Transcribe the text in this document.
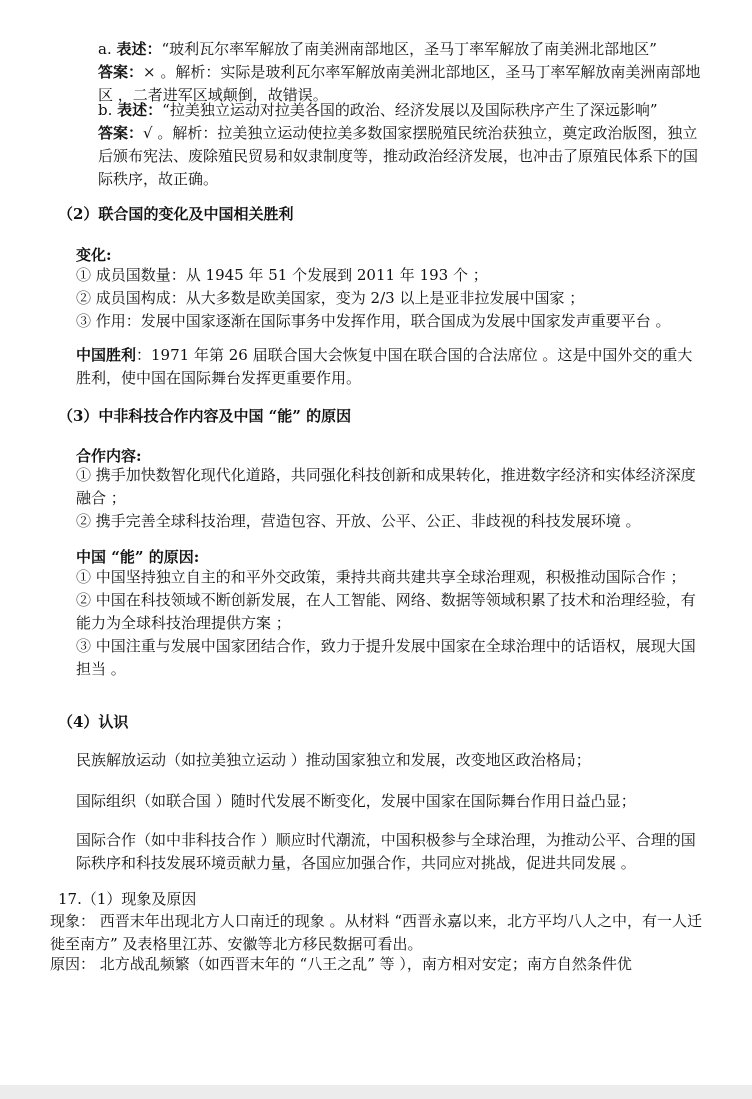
a. 表述：“玻利瓦尔率军解放了南美洲南部地区，圣马丁率军解放了南美洲北部地区”

答案：× 。解析：实际是玻利瓦尔率军解放南美洲北部地区，圣马丁率军解放南美洲南部地区 ，二者进军区域颠倒，故错误。

b. 表述：“拉美独立运动对拉美各国的政治、经济发展以及国际秩序产生了深远影响”

答案：√ 。解析：拉美独立运动使拉美多数国家摆脱殖民统治获独立，奠定政治版图，独立后颁布宪法、废除殖民贸易和奴隶制度等，推动政治经济发展，也冲击了原殖民体系下的国际秩序，故正确。

（2）联合国的变化及中国相关胜利

变化:

① 成员国数量：从 1945 年 51 个发展到 2011 年 193 个 ；

② 成员国构成：从大多数是欧美国家，变为 2/3 以上是亚非拉发展中国家 ；

③ 作用：发展中国家逐渐在国际事务中发挥作用，联合国成为发展中国家发声重要平台 。

中国胜利：1971 年第 26 届联合国大会恢复中国在联合国的合法席位 。这是中国外交的重大胜利，使中国在国际舞台发挥更重要作用。

（3）中非科技合作内容及中国 “能” 的原因

合作内容:

① 携手加快数智化现代化道路，共同强化科技创新和成果转化，推进数字经济和实体经济深度融合 ；

② 携手完善全球科技治理，营造包容、开放、公平、公正、非歧视的科技发展环境 。

中国 “能” 的原因:

① 中国坚持独立自主的和平外交政策，秉持共商共建共享全球治理观，积极推动国际合作 ；

② 中国在科技领域不断创新发展，在人工智能、网络、数据等领域积累了技术和治理经验，有能力为全球科技治理提供方案 ；

③ 中国注重与发展中国家团结合作，致力于提升发展中国家在全球治理中的话语权，展现大国担当 。

（4）认识

民族解放运动（如拉美独立运动 ）推动国家独立和发展，改变地区政治格局；

国际组织（如联合国 ）随时代发展不断变化，发展中国家在国际舞台作用日益凸显；

国际合作（如中非科技合作 ）顺应时代潮流，中国积极参与全球治理，为推动公平、合理的国际秩序和科技发展环境贡献力量，各国应加强合作，共同应对挑战，促进共同发展 。

17.（1）现象及原因

现象： 西晋末年出现北方人口南迁的现象 。从材料 “西晋永嘉以来，北方平均八人之中，有一人迁徙至南方” 及表格里江苏、安徽等北方移民数据可看出。

原因： 北方战乱频繁（如西晋末年的 “八王之乱” 等 ），南方相对安定；南方自然条件优
